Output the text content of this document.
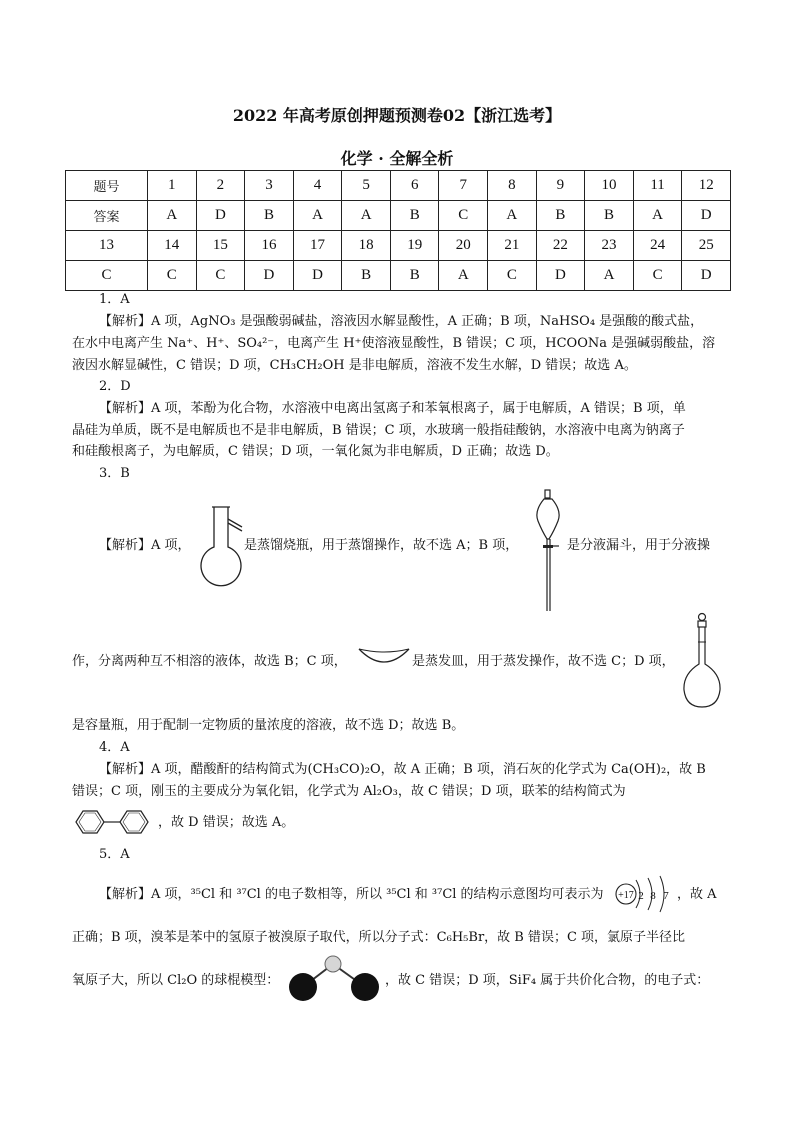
2022 年高考原创押题预测卷02【浙江选考】
化学 · 全解全析
题号	1	2	3	4	5	6	7	8	9	10	11	12
答案	A	D	B	A	A	B	C	A	B	B	A	D
13	14	15	16	17	18	19	20	21	22	23	24	25
C	C	C	D	D	B	B	A	C	D	A	C	D
1．A
【解析】A 项，AgNO₃ 是强酸弱碱盐，溶液因水解显酸性，A 正确；B 项，NaHSO₄ 是强酸的酸式盐，
在水中电离产生 Na⁺、H⁺、SO₄²⁻，电离产生 H⁺使溶液显酸性，B 错误；C 项，HCOONa 是强碱弱酸盐，溶
液因水解显碱性，C 错误；D 项，CH₃CH₂OH 是非电解质，溶液不发生水解，D 错误；故选 A。
2．D
【解析】A 项，苯酚为化合物，水溶液中电离出氢离子和苯氧根离子，属于电解质，A 错误；B 项，单
晶硅为单质，既不是电解质也不是非电解质，B 错误；C 项，水玻璃一般指硅酸钠，水溶液中电离为钠离子
和硅酸根离子，为电解质，C 错误；D 项，一氧化氮为非电解质，D 正确；故选 D。
3．B
【解析】A 项，	是蒸馏烧瓶，用于蒸馏操作，故不选 A；B 项，	是分液漏斗，用于分液操
作，分离两种互不相溶的液体，故选 B；C 项，	是蒸发皿，用于蒸发操作，故不选 C；D 项，
是容量瓶，用于配制一定物质的量浓度的溶液，故不选 D；故选 B。
4．A
【解析】A 项，醋酸酐的结构简式为(CH₃CO)₂O，故 A 正确；B 项，消石灰的化学式为 Ca(OH)₂，故 B
错误；C 项，刚玉的主要成分为氧化铝，化学式为 Al₂O₃，故 C 错误；D 项，联苯的结构简式为
，故 D 错误；故选 A。
5．A
【解析】A 项，³⁵Cl 和 ³⁷Cl 的电子数相等，所以 ³⁵Cl 和 ³⁷Cl 的结构示意图均可表示为 +17 2 8 7 ，故 A
正确；B 项，溴苯是苯中的氢原子被溴原子取代，所以分子式：C₆H₅Br，故 B 错误；C 项，氯原子半径比
氧原子大，所以 Cl₂O 的球棍模型：	，故 C 错误；D 项，SiF₄ 属于共价化合物，的电子式：
